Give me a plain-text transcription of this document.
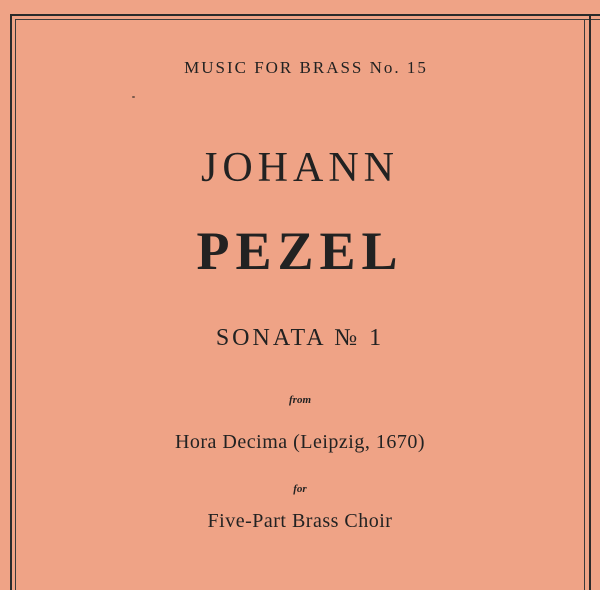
MUSIC FOR BRASS No. 15
JOHANN
PEZEL
SONATA № 1
from
Hora Decima (Leipzig, 1670)
for
Five-Part Brass Choir
